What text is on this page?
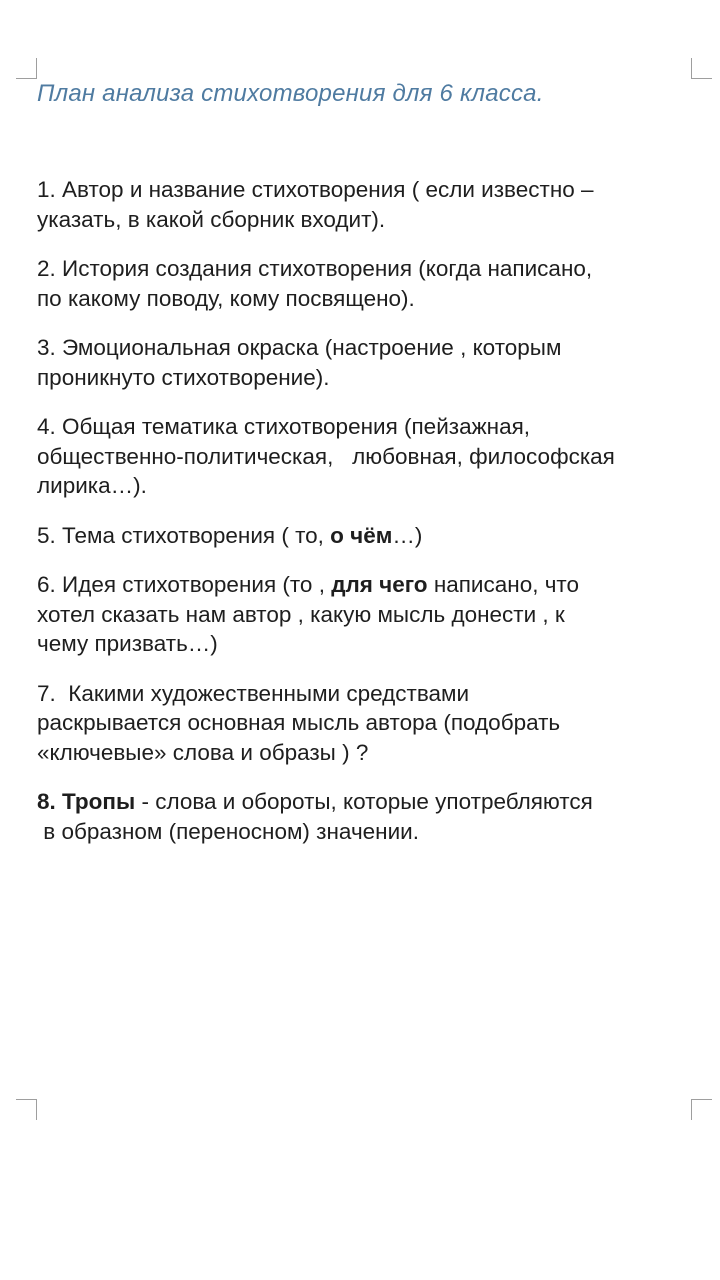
План анализа стихотворения для 6 класса.
1. Автор и название стихотворения ( если известно –
указать, в какой сборник входит).
2. История создания стихотворения (когда написано,
по какому поводу, кому посвящено).
3. Эмоциональная окраска (настроение , которым
проникнуто стихотворение).
4. Общая тематика стихотворения (пейзажная,
общественно-политическая,   любовная, философская
лирика…).
5. Тема стихотворения ( то, о чём…)
6. Идея стихотворения (то , для чего написано, что
хотел сказать нам автор , какую мысль донести , к
чему призвать…)
7.  Какими художественными средствами
раскрывается основная мысль автора (подобрать
«ключевые» слова и образы ) ?
8. Тропы - слова и обороты, которые употребляются
в образном (переносном) значении.
